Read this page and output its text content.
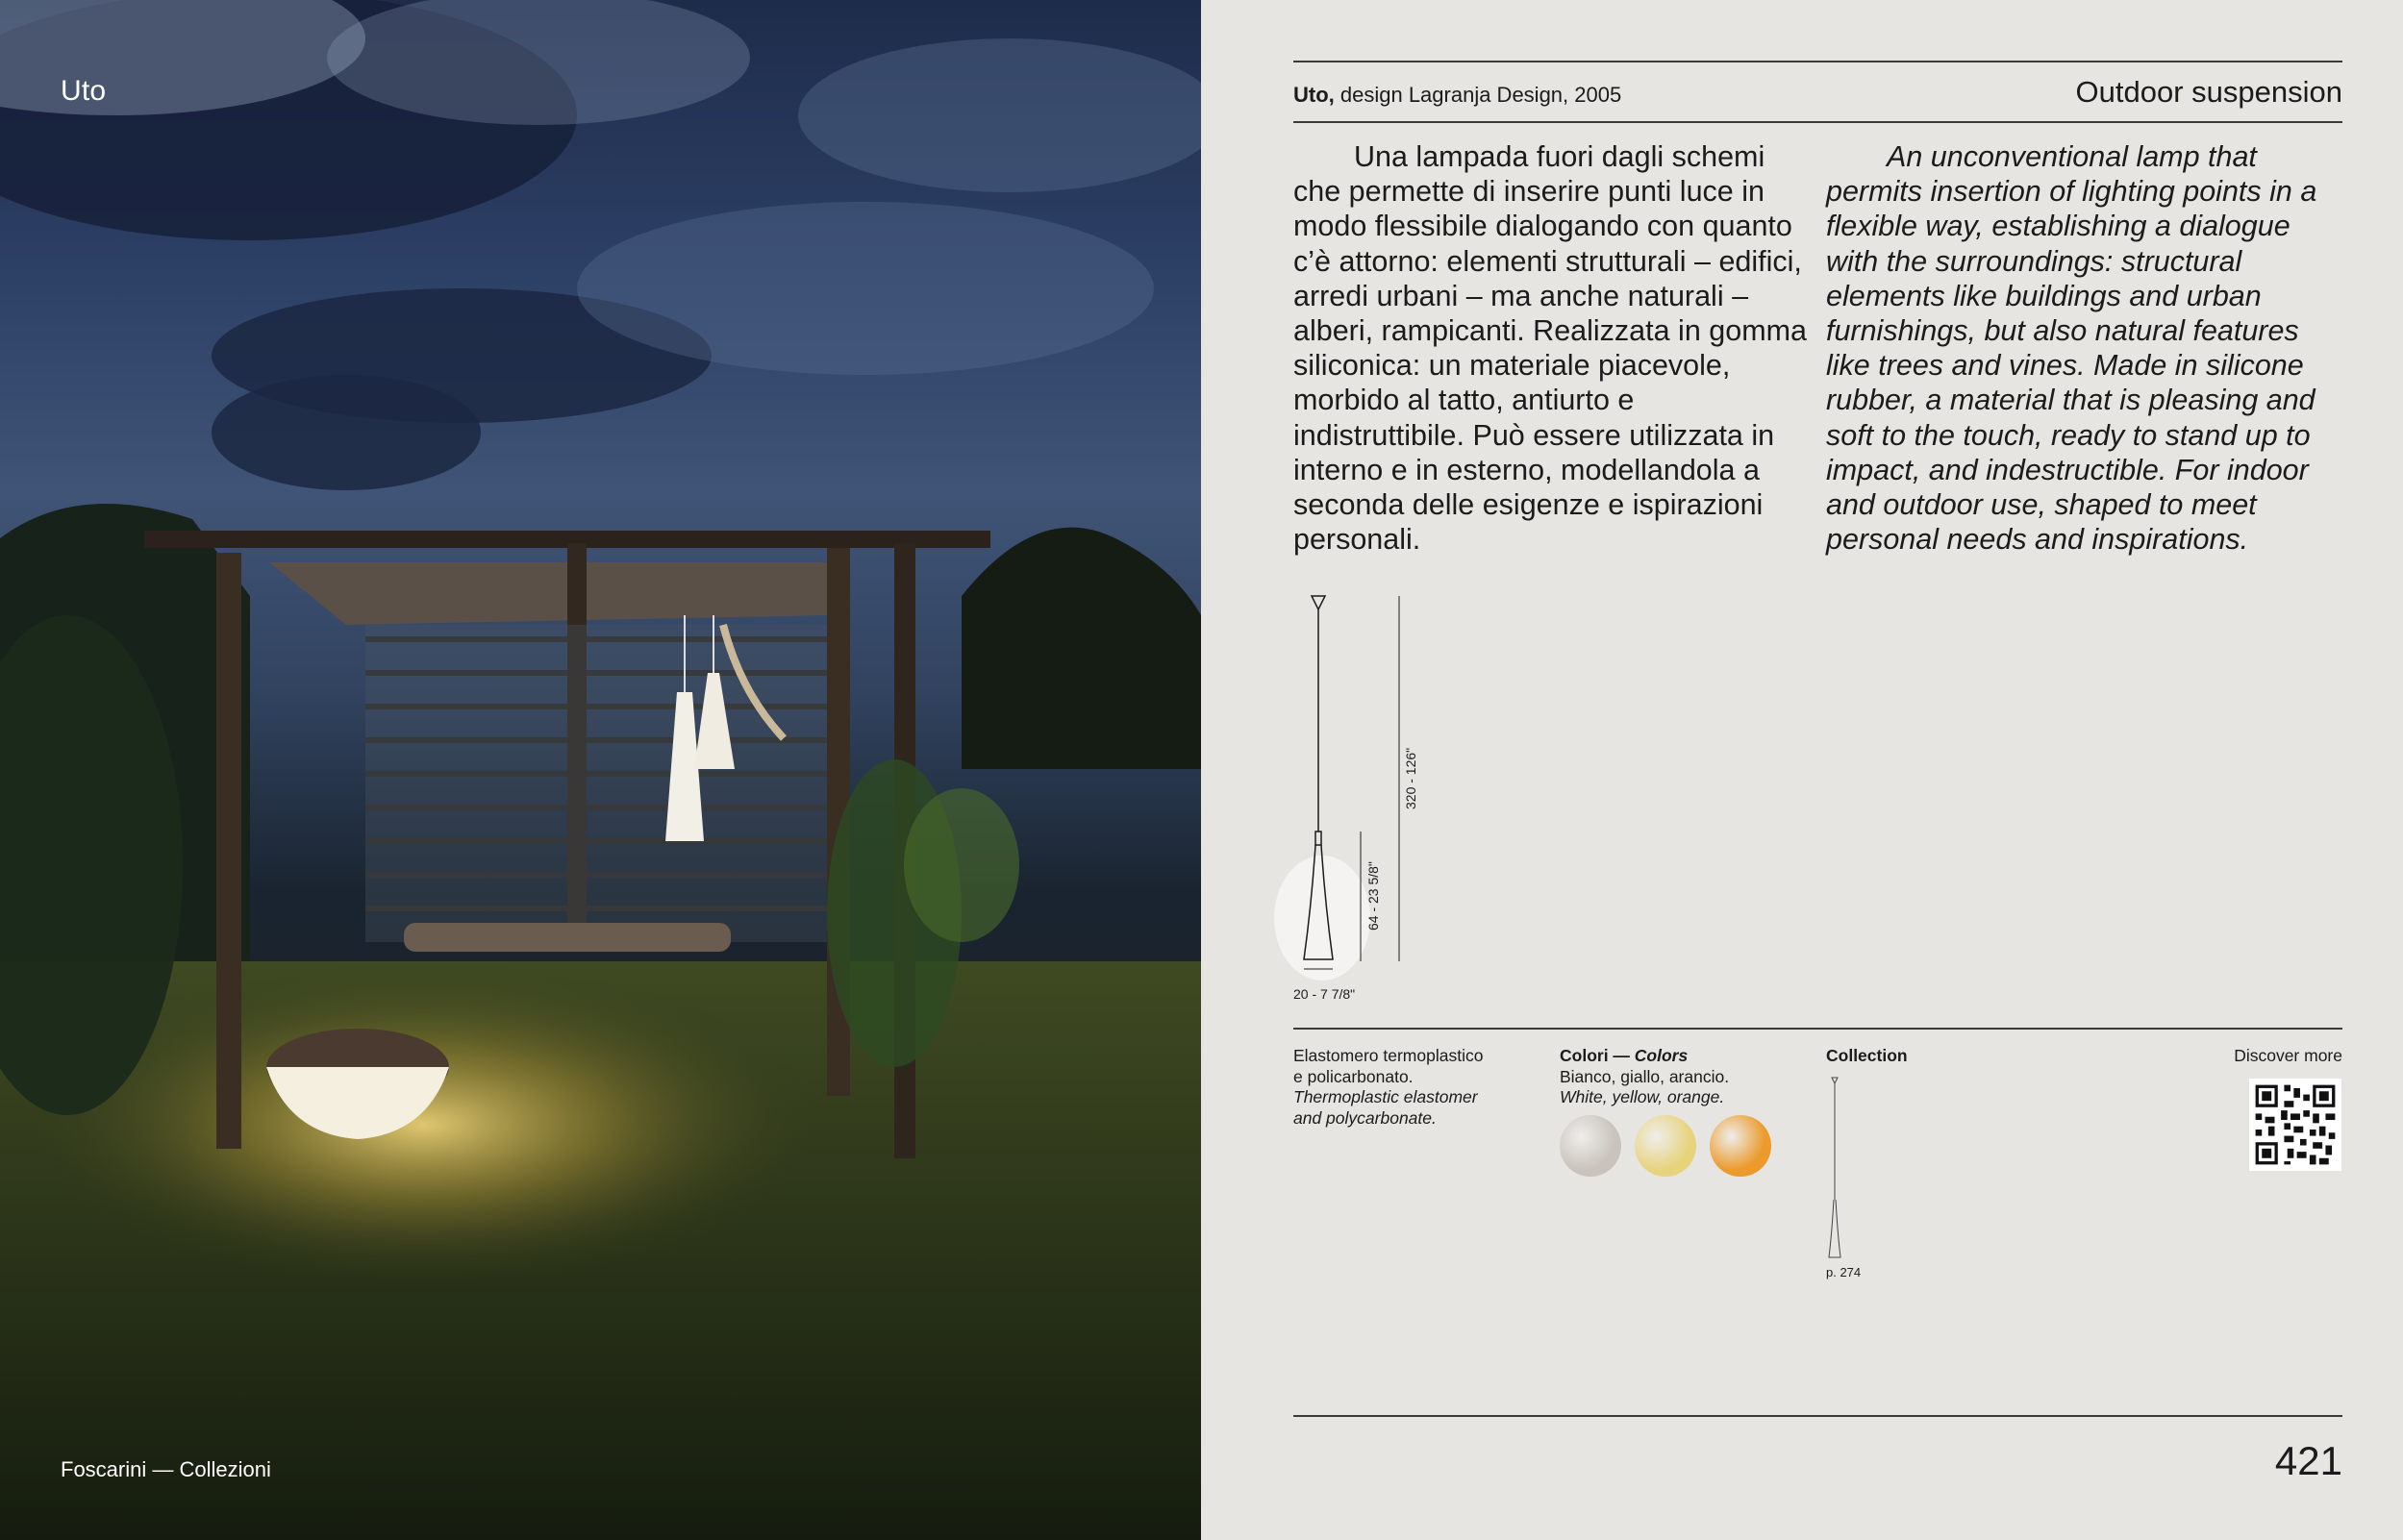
Uto
Foscarini — Collezioni
Uto, design Lagranja Design, 2005	Outdoor suspension

Una lampada fuori dagli schemi che permette di inserire punti luce in modo flessibile dialogando con quanto c’è attorno: elementi strutturali – edifici, arredi urbani – ma anche naturali – alberi, rampicanti. Realizzata in gomma siliconica: un materiale piacevole, morbido al tatto, antiurto e indistruttibile. Può essere utilizzata in interno e in esterno, modellandola a seconda delle esigenze e ispirazioni personali.

An unconventional lamp that permits insertion of lighting points in a flexible way, establishing a dialogue with the surroundings: structural elements like buildings and urban furnishings, but also natural features like trees and vines. Made in silicone rubber, a material that is pleasing and soft to the touch, ready to stand up to impact, and indestructible. For indoor and outdoor use, shaped to meet personal needs and inspirations.

64 - 23 5/8"
320 - 126"
20 - 7 7/8"
Elastomero termoplastico
e policarbonato.
Thermoplastic elastomer
and polycarbonate.
Colori — Colors
Bianco, giallo, arancio.
White, yellow, orange.
Collection
p. 274
Discover more
421
